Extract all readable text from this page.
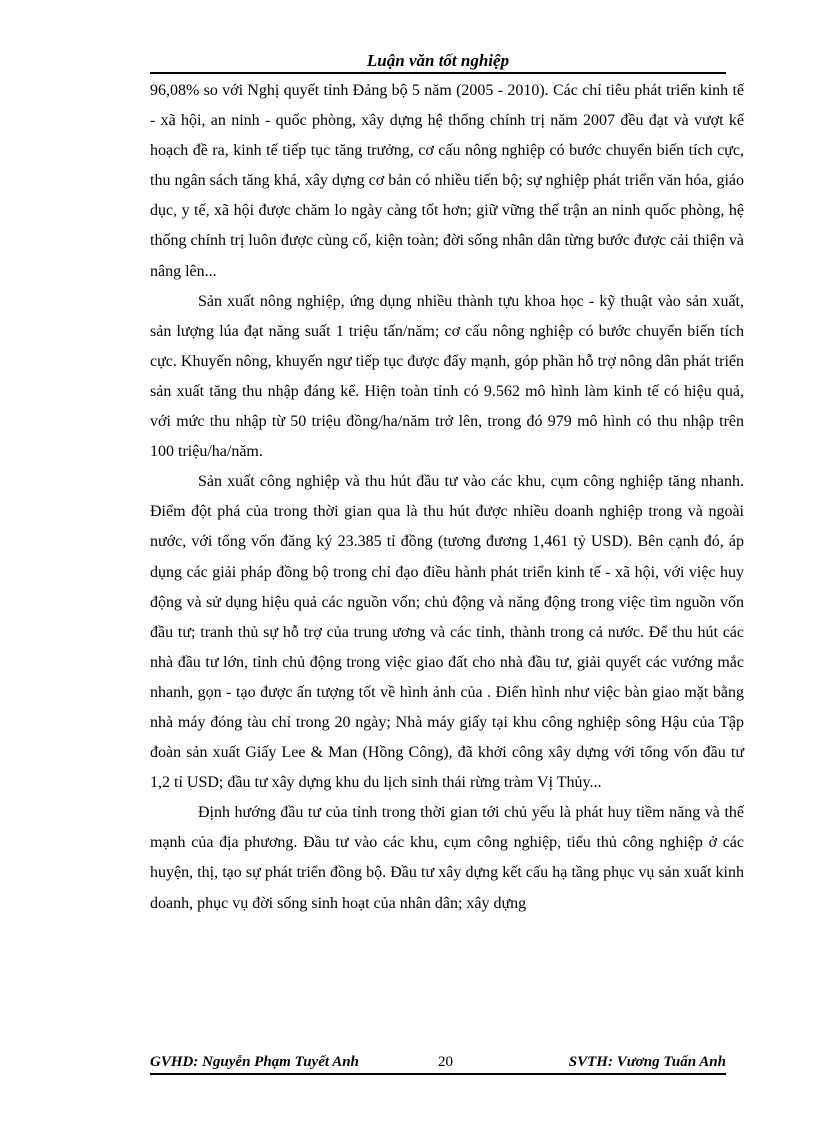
Luận văn tốt nghiệp

96,08% so với Nghị quyết tỉnh Đảng bộ 5 năm (2005 - 2010). Các chỉ tiêu phát triển kinh tế - xã hội, an ninh - quốc phòng, xây dựng hệ thống chính trị năm 2007 đều đạt và vượt kế hoạch đề ra, kinh tế tiếp tục tăng trưởng, cơ cấu nông nghiệp có bước chuyển biến tích cực, thu ngân sách tăng khá, xây dựng cơ bản có nhiều tiến bộ; sự nghiệp phát triển văn hóa, giáo dục, y tế, xã hội được chăm lo ngày càng tốt hơn; giữ vững thế trận an ninh quốc phòng, hệ thống chính trị luôn được cùng cố, kiện toàn; đời sống nhân dân từng bước được cải thiện và nâng lên...

Sản xuất nông nghiệp, ứng dụng nhiều thành tựu khoa học - kỹ thuật vào sản xuất, sản lượng lúa đạt năng suất 1 triệu tấn/năm; cơ cấu nông nghiệp có bước chuyển biến tích cực. Khuyến nông, khuyến ngư tiếp tục được đẩy mạnh, góp phần hỗ trợ nông dân phát triển sản xuất tăng thu nhập đáng kể. Hiện toàn tỉnh có 9.562 mô hình làm kinh tế có hiệu quả, với mức thu nhập từ 50 triệu đồng/ha/năm trở lên, trong đó 979 mô hình có thu nhập trên 100 triệu/ha/năm.

Sản xuất công nghiệp và thu hút đầu tư vào các khu, cụm công nghiệp tăng nhanh. Điểm đột phá của trong thời gian qua là thu hút được nhiều doanh nghiệp trong và ngoài nước, với tổng vốn đăng ký 23.385 tỉ đồng (tương đương 1,461 tỷ USD). Bên cạnh đó, áp dụng các giải pháp đồng bộ trong chỉ đạo điều hành phát triển kinh tế - xã hội, với việc huy động và sử dụng hiệu quả các nguồn vốn; chủ động và năng động trong việc tìm nguồn vốn đầu tư; tranh thủ sự hỗ trợ của trung ương và các tỉnh, thành trong cả nước. Để thu hút các nhà đầu tư lớn, tỉnh chủ động trong việc giao đất cho nhà đầu tư, giải quyết các vướng mắc nhanh, gọn - tạo được ấn tượng tốt về hình ảnh của . Điển hình như việc bàn giao mặt bằng nhà máy đóng tàu chỉ trong 20 ngày; Nhà máy giấy tại khu công nghiệp sông Hậu của Tập đoàn sản xuất Giấy Lee & Man (Hồng Công), đã khởi công xây dựng với tổng vốn đầu tư 1,2 tỉ USD; đầu tư xây dựng khu du lịch sinh thái rừng tràm Vị Thủy...

Định hướng đầu tư của tỉnh trong thời gian tới chủ yếu là phát huy tiềm năng và thế mạnh của địa phương. Đầu tư vào các khu, cụm công nghiệp, tiểu thủ công nghiệp ở các huyện, thị, tạo sự phát triển đồng bộ. Đầu tư xây dựng kết cấu hạ tầng phục vụ sản xuất kinh doanh, phục vụ đời sống sinh hoạt của nhân dân; xây dựng

GVHD: Nguyễn Phạm Tuyết Anh	20	SVTH: Vương Tuấn Anh
